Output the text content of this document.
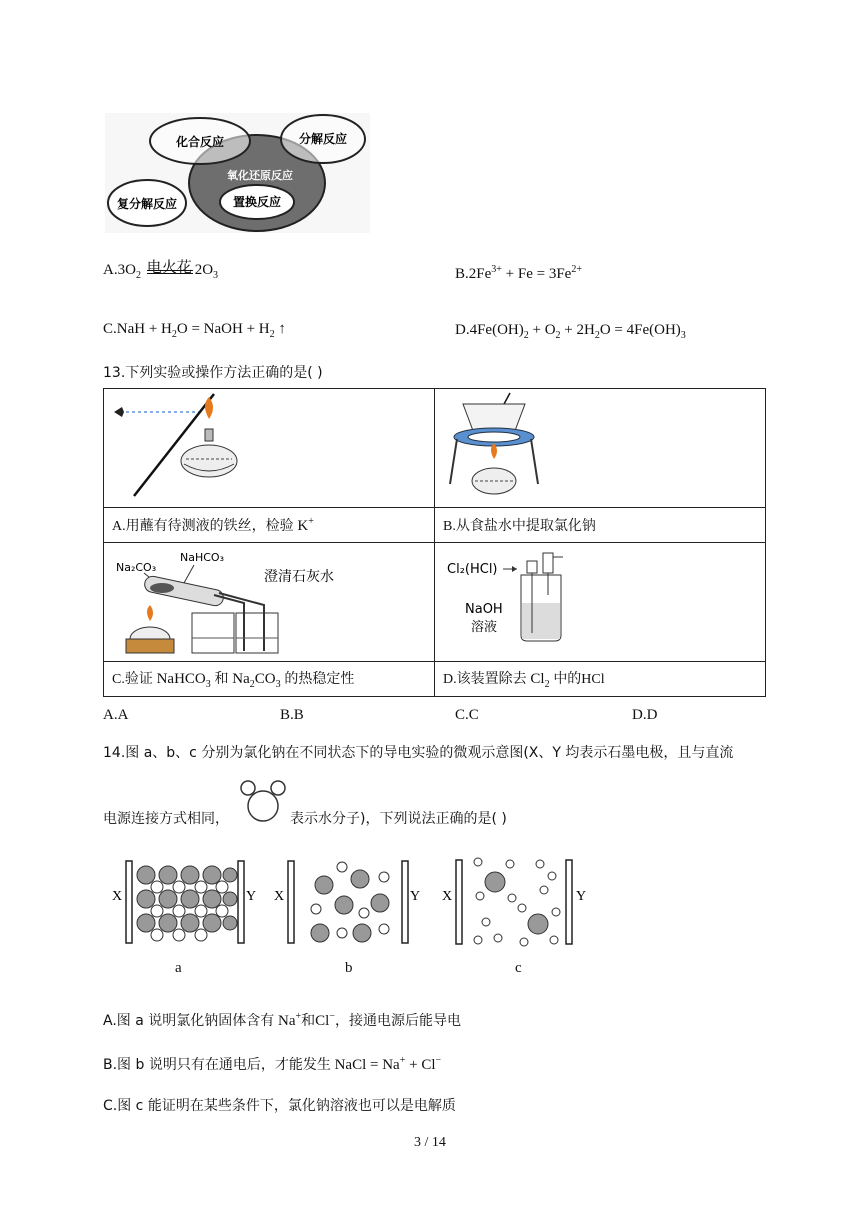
化合反应	分解反应
氧化还原反应
复分解反应	置换反应
$A.3O_2$ 电火花 $2O_3$	$B.2Fe^{3+} + Fe = 3Fe^{2+}$
$C.NaH + H_2O$ = NaOH + $H_2$ ↑	$D.4Fe(OH)_2 + O_2 + 2H_2O = 4Fe(OH)_3$
13.下列实验或操作方法正确的是( )

A.用蘸有待测液的铁丝，检验 K+	B.从食盐水中提取氯化钠

Na₂CO₃
NaHCO₃
澄清石灰水	Cl₂(HCl)
NaOH
溶液

C.验证 NaHCO$_3$ 和 $Na_2CO_3$ 的热稳定性	D.该装置除去 $Cl_2$ 中的HCl
A.A	B.B	C.C	D.D
14.图 a、b、c 分别为氯化钠在不同状态下的导电实验的微观示意图(X、Y 均表示石墨电极，且与直流
电源连接方式相同，	表示水分子)，下列说法正确的是( )
X	Y
a
X	Y
b
X	Y
c
A.图 a 说明氯化钠固体含有 Na+和Cl−，接通电源后能导电
B.图 b 说明只有在通电后，才能发生 NaCl = Na+ + Cl−
C.图 c 能证明在某些条件下，氯化钠溶液也可以是电解质
3 / 14
